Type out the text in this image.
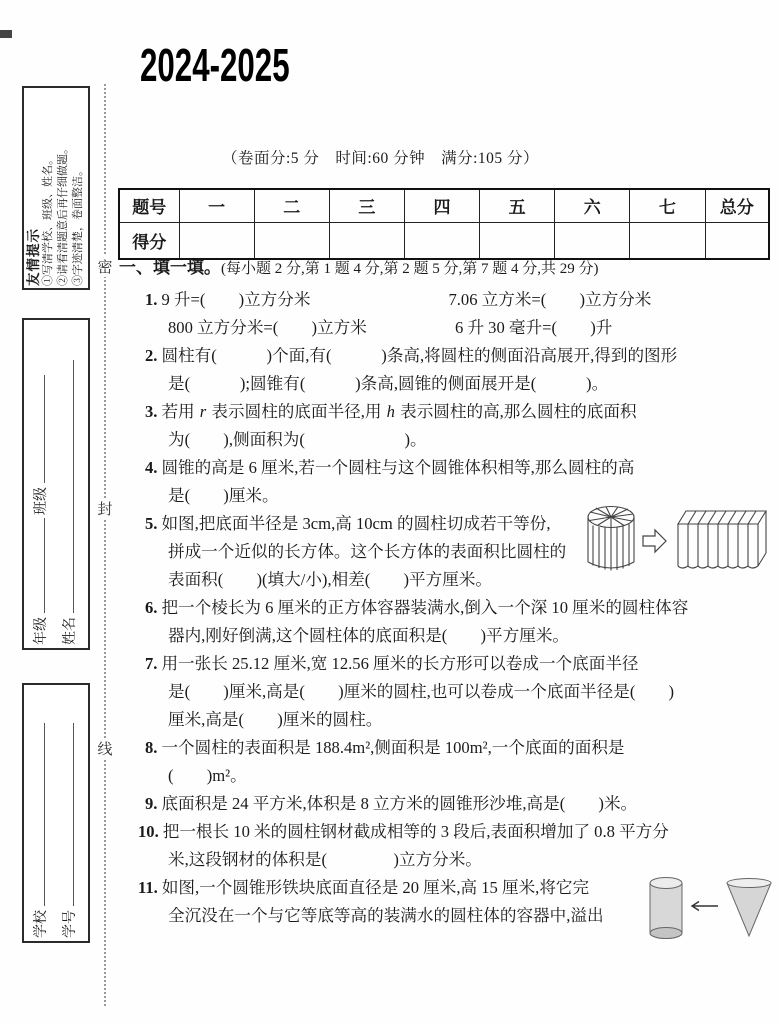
友情提示 ①写清学校、班级、姓名。 ②请看清题意后再仔细做题。 ③字迹清楚，卷面整洁。
年级  班级
姓名
学校	学号
密
封
线
2024-2025
（卷面分:5 分　时间:60 分钟　满分:105 分）
题号	一	二	三	四	五	六	七	总分
得分								
一、填一填。(每小题 2 分,第 1 题 4 分,第 2 题 5 分,第 7 题 4 分,共 29 分)
1. 9 升=(　　)立方分米	7.06 立方米=(　　)立方分米
800 立方分米=(　　)立方米	6 升 30 毫升=(　　)升
2. 圆柱有(　　　)个面,有(　　　)条高,将圆柱的侧面沿高展开,得到的图形
是(　　　);圆锥有(　　　)条高,圆锥的侧面展开是(　　　)。
3. 若用 r 表示圆柱的底面半径,用 h 表示圆柱的高,那么圆柱的底面积
为(　　),侧面积为(　　　　　　)。
4. 圆锥的高是 6 厘米,若一个圆柱与这个圆锥体积相等,那么圆柱的高
是(　　)厘米。
5. 如图,把底面半径是 3cm,高 10cm 的圆柱切成若干等份,
拼成一个近似的长方体。这个长方体的表面积比圆柱的
表面积(　　)(填大/小),相差(　　)平方厘米。
6. 把一个棱长为 6 厘米的正方体容器装满水,倒入一个深 10 厘米的圆柱体容
器内,刚好倒满,这个圆柱体的底面积是(　　)平方厘米。
7. 用一张长 25.12 厘米,宽 12.56 厘米的长方形可以卷成一个底面半径
是(　　)厘米,高是(　　)厘米的圆柱,也可以卷成一个底面半径是(　　)
厘米,高是(　　)厘米的圆柱。
8. 一个圆柱的表面积是 188.4m²,侧面积是 100m²,一个底面的面积是
(　　)m²。
9. 底面积是 24 平方米,体积是 8 立方米的圆锥形沙堆,高是(　　)米。
10. 把一根长 10 米的圆柱钢材截成相等的 3 段后,表面积增加了 0.8 平方分
米,这段钢材的体积是(　　　　)立方分米。
11. 如图,一个圆锥形铁块底面直径是 20 厘米,高 15 厘米,将它完
全沉没在一个与它等底等高的装满水的圆柱体的容器中,溢出
